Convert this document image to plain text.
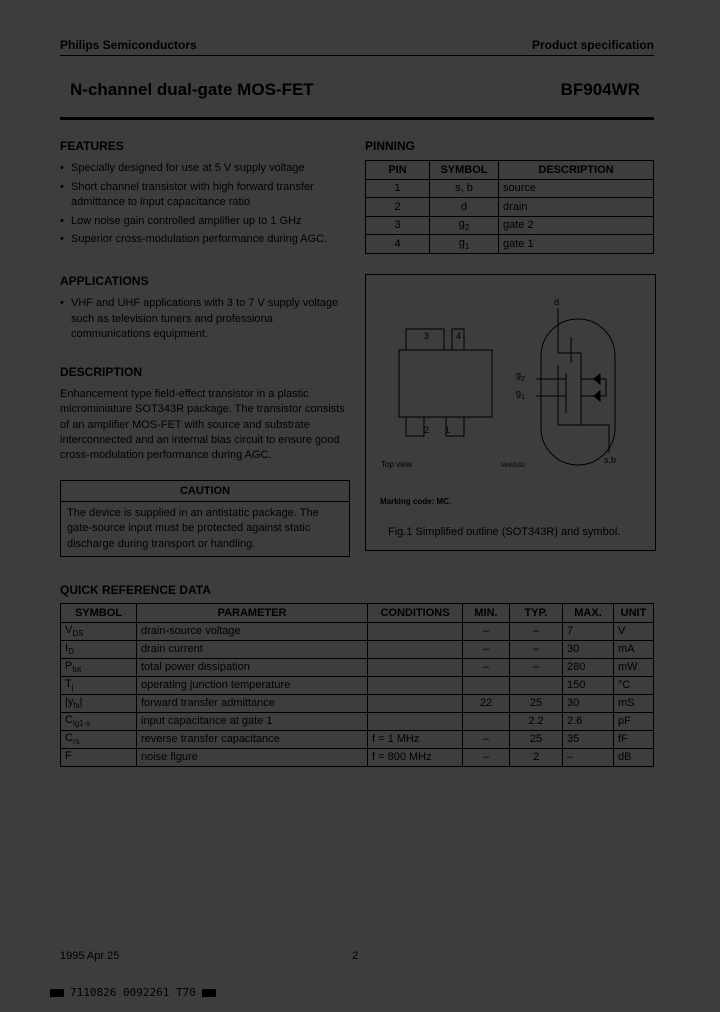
Philips Semiconductors	Product specification
N-channel dual-gate MOS-FET	BF904WR
FEATURES
• Specially designed for use at 5 V supply voltage
• Short channel transistor with high forward transfer admittance to input capacitance ratio
• Low noise gain controlled amplifier up to 1 GHz
• Superior cross-modulation performance during AGC.
APPLICATIONS
• VHF and UHF applications with 3 to 7 V supply voltage such as television tuners and professiona communications equipment.
DESCRIPTION
Enhancement type field-effect transistor in a plastic microminiature SOT343R package. The transistor consists of an amplifier MOS-FET with source and substrate interconnected and an internal bias circuit to ensure good cross-modulation performance during AGC.
CAUTION
The device is supplied in an antistatic package. The gate-source input must be protected against static discharge during transport or handling.
PINNING
PIN	SYMBOL	DESCRIPTION
1	s, b	source
2	d	drain
3	$g_2$	gate 2
4	$g_1$	gate 1
3	4
2 1
Top view	MAM192
d
$g_2$
$g_1$
s,b
Marking code: MC.
Fig.1 Simplified outline (SOT343R) and symbol.
QUICK REFERENCE DATA
SYMBOL	PARAMETER	CONDITIONS	MIN.	TYP.	MAX.	UNIT
$V_{DS}$	drain-source voltage		–	–	7	V
$I_D$	drain current		–	–	30	mA
$P_{tot}$	total power dissipation		–	–	280	mW
$T_j$	operating junction temperature				150	°C
$|y_{fs}|$	forward transfer admittance		22	25	30	mS
$C_{ig1-s}$	input capacitance at gate 1			2.2	2.6	pF
$C_{rs}$	reverse transfer capacitance	f = 1 MHz	–	25	35	fF
F	noise figure	f = 800 MHz	–	2	–	dB
1995 Apr 25	2
7110826 0092261 T70
